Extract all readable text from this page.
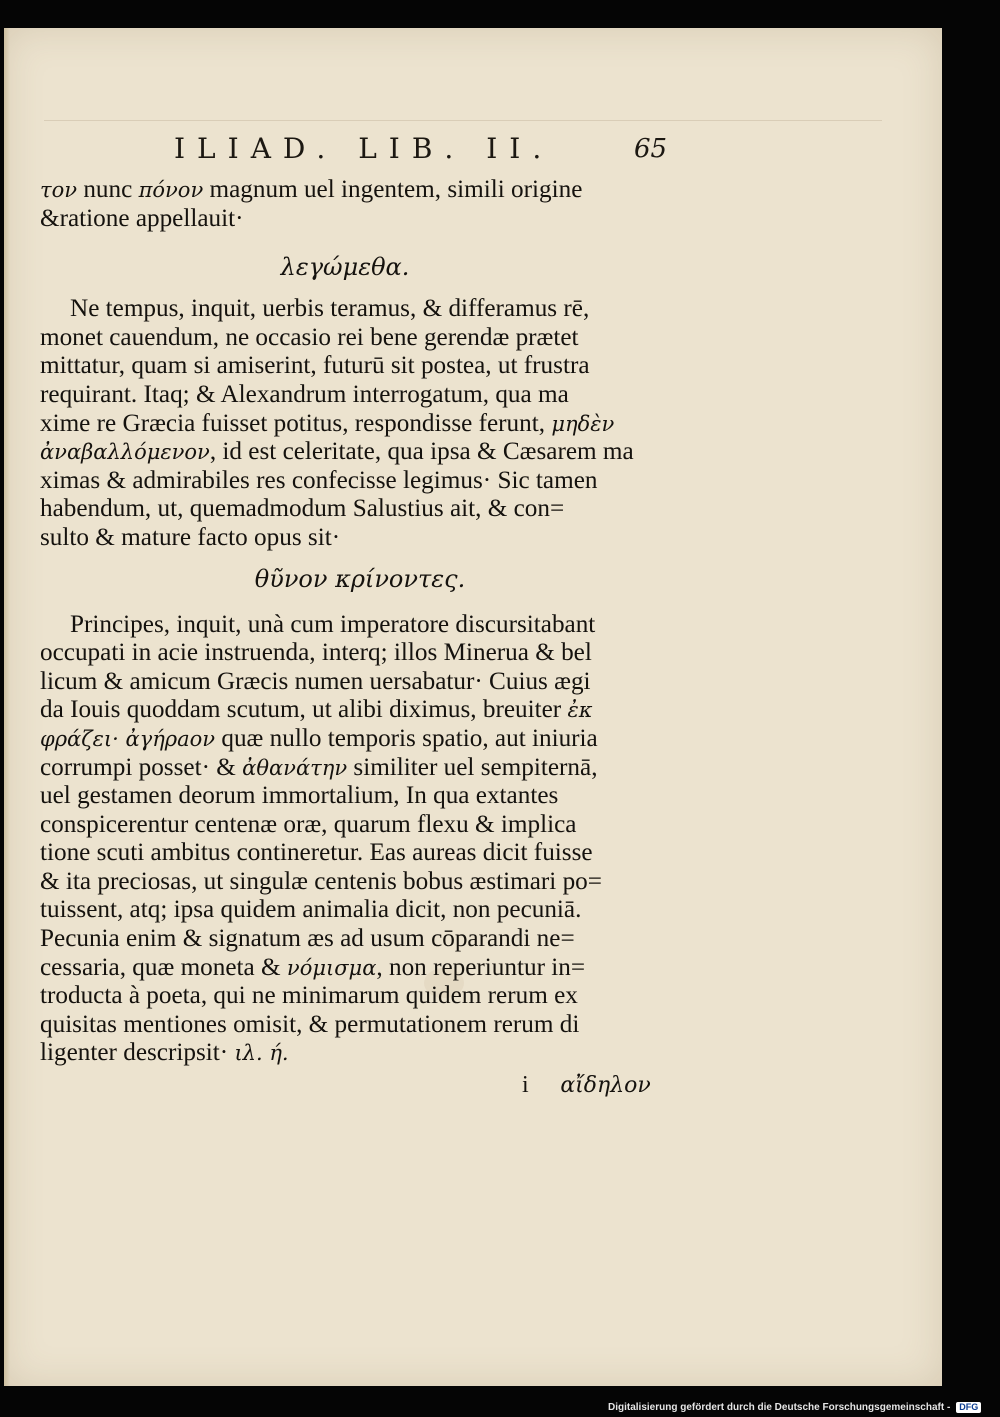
ILIAD. LIB. II.	65
τον nunc πόνον magnum uel ingentem, simili origine
&ratione appellauit·
λεγώμεθα.
Ne tempus, inquit, uerbis teramus, & differamus rē,
monet cauendum, ne occasio rei bene gerendæ prætet
mittatur, quam si amiserint, futurū sit postea, ut frustra
requirant. Itaq; & Alexandrum interrogatum, qua ma
xime re Græcia fuisset potitus, respondisse ferunt, μηδὲν
ἀναβαλλόμενον, id est celeritate, qua ipsa & Cæsarem ma
ximas & admirabiles res confecisse legimus· Sic tamen
habendum, ut, quemadmodum Salustius ait, & con=
sulto & mature facto opus sit·
θῦνον κρίνοντες.
Principes, inquit, unà cum imperatore discursitabant
occupati in acie instruenda, interq; illos Minerua & bel
licum & amicum Græcis numen uersabatur· Cuius ægi
da Iouis quoddam scutum, ut alibi diximus, breuiter ἐκ
φράζει· ἀγήρaον quæ nullo temporis spatio, aut iniuria
corrumpi posset· & ἀθανάτην similiter uel sempiternā,
uel gestamen deorum immortalium, In qua extantes
conspicerentur centenæ oræ, quarum flexu & implica
tione scuti ambitus contineretur. Eas aureas dicit fuisse
& ita preciosas, ut singulæ centenis bobus æstimari po=
tuissent, atq; ipsa quidem animalia dicit, non pecuniā.
Pecunia enim & signatum æs ad usum cōparandi ne=
cessaria, quæ moneta & νόμισμα, non reperiuntur in=
troducta à poeta, qui ne minimarum quidem rerum ex
quisitas mentiones omisit, & permutationem rerum di
ligenter descripsit· ιλ. ή.
i αἴδηλον
Digitalisierung gefördert durch die Deutsche Forschungsgemeinschaft -	DFG
